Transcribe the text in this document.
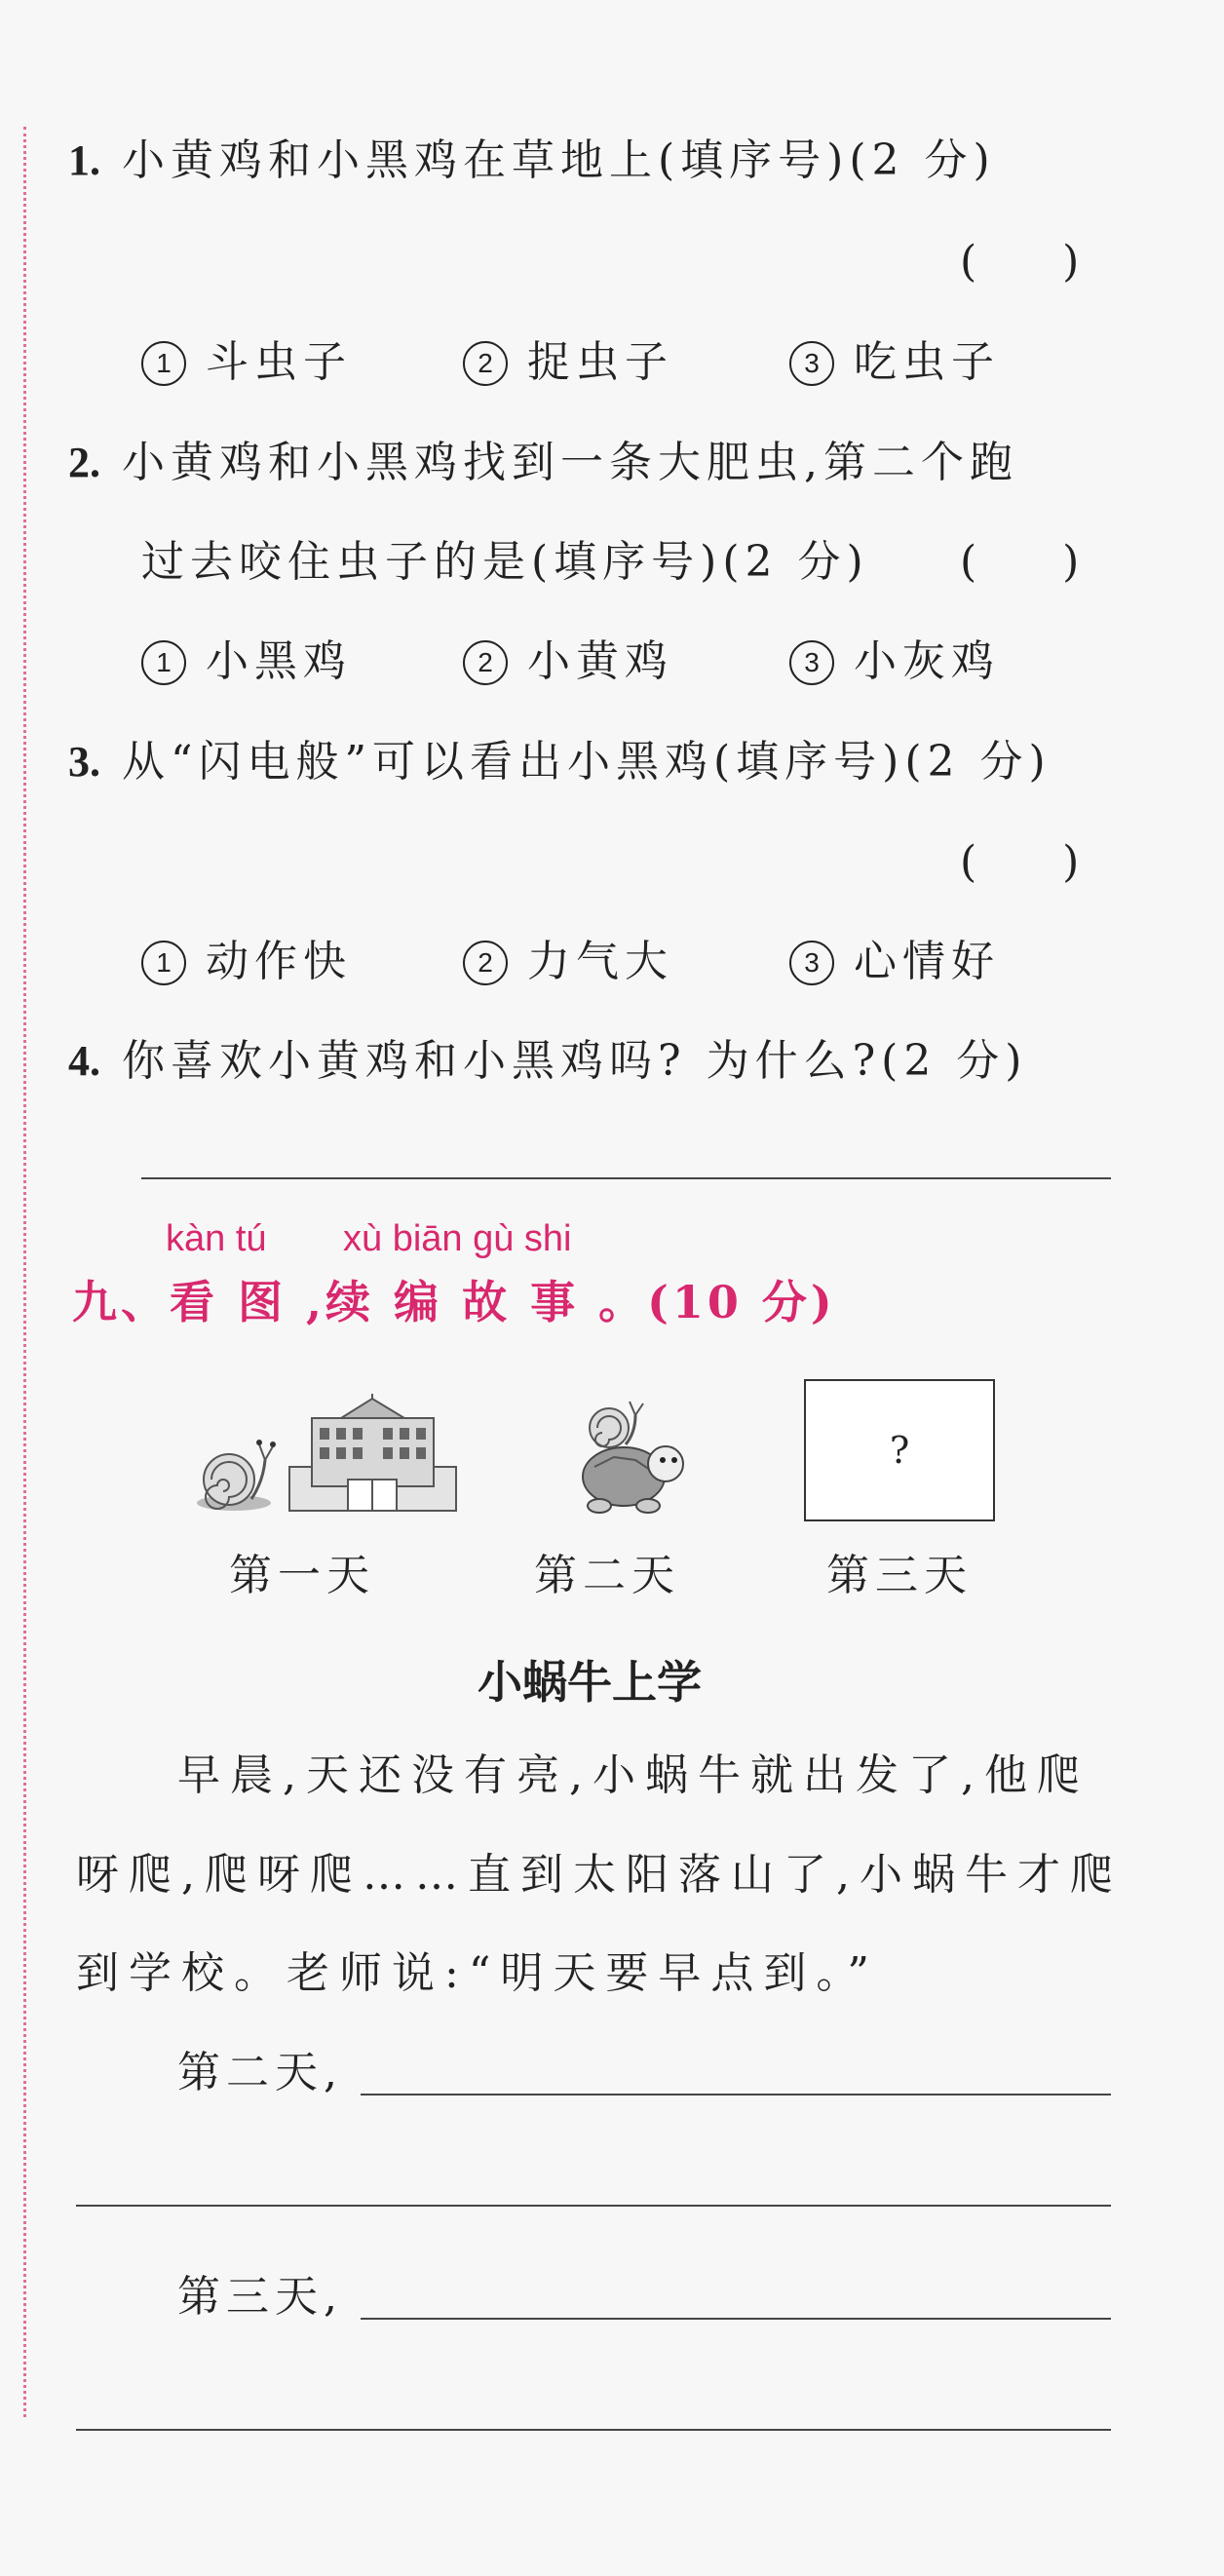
1. 小黄鸡和小黑鸡在草地上(填序号)(2 分)
(　　)
1 斗虫子	2 捉虫子	3 吃虫子
2. 小黄鸡和小黑鸡找到一条大肥虫,第二个跑
过去咬住虫子的是(填序号)(2 分) (　　)
1 小黑鸡	2 小黄鸡	3 小灰鸡
3. 从“闪电般”可以看出小黑鸡(填序号)(2 分)
(　　)
1 动作快	2 力气大	3 心情好
4. 你喜欢小黄鸡和小黑鸡吗? 为什么?(2 分)
kàn tú xù biān gù shi
九、看 图 ,续 编 故 事 。(10 分)
?
第一天	第二天	第三天
小蜗牛上学
早晨,天还没有亮,小蜗牛就出发了,他爬
呀爬,爬呀爬……直到太阳落山了,小蜗牛才爬
到学校。老师说:“明天要早点到。”
第二天,
第三天,
